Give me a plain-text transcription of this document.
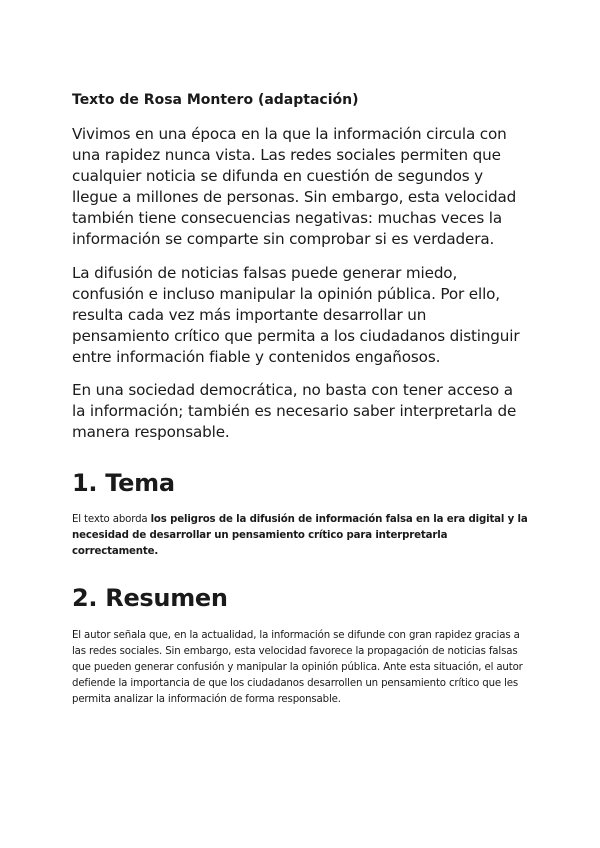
Texto de Rosa Montero (adaptación)

Vivimos en una época en la que la información circula con una rapidez nunca vista. Las redes sociales permiten que cualquier noticia se difunda en cuestión de segundos y llegue a millones de personas. Sin embargo, esta velocidad también tiene consecuencias negativas: muchas veces la información se comparte sin comprobar si es verdadera.

La difusión de noticias falsas puede generar miedo, confusión e incluso manipular la opinión pública. Por ello, resulta cada vez más importante desarrollar un pensamiento crítico que permita a los ciudadanos distinguir entre información fiable y contenidos engañosos.

En una sociedad democrática, no basta con tener acceso a la información; también es necesario saber interpretarla de manera responsable.

1. Tema

El texto aborda los peligros de la difusión de información falsa en la era digital y la necesidad de desarrollar un pensamiento crítico para interpretarla correctamente.

2. Resumen

El autor señala que, en la actualidad, la información se difunde con gran rapidez gracias a las redes sociales. Sin embargo, esta velocidad favorece la propagación de noticias falsas que pueden generar confusión y manipular la opinión pública. Ante esta situación, el autor defiende la importancia de que los ciudadanos desarrollen un pensamiento crítico que les permita analizar la información de forma responsable.
